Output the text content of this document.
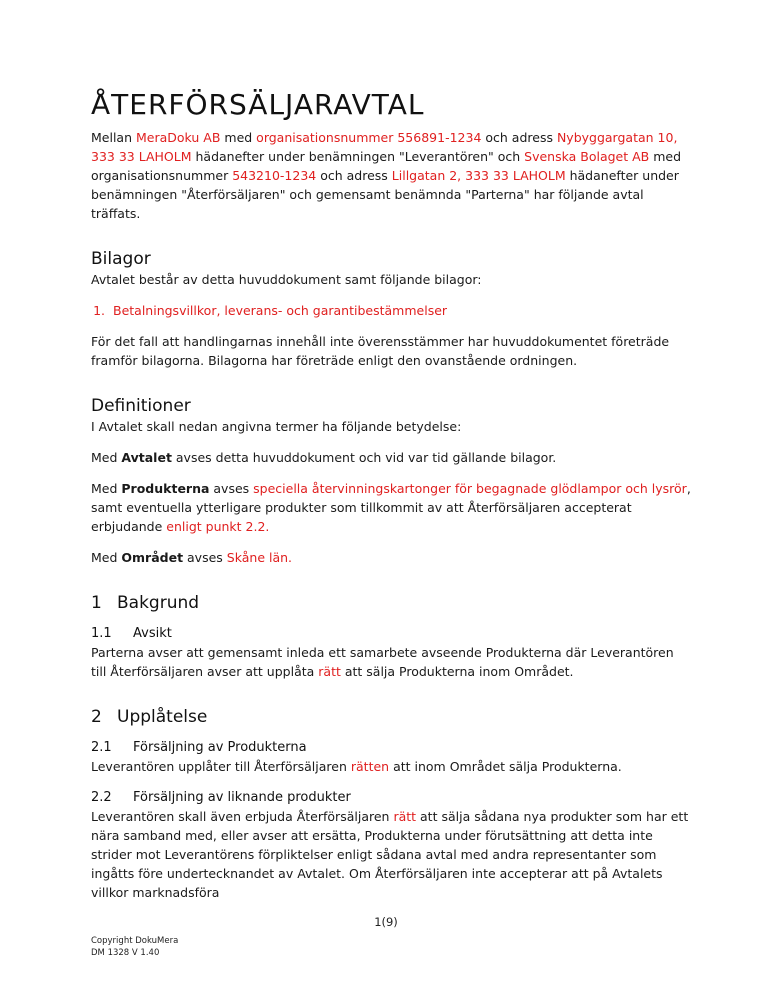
ÅTERFÖRSÄLJARAVTAL

Mellan MeraDoku AB med organisationsnummer 556891-1234 och adress Nybyggargatan 10, 333 33 LAHOLM hädanefter under benämningen "Leverantören" och Svenska Bolaget AB med organisationsnummer 543210-1234 och adress Lillgatan 2, 333 33 LAHOLM hädanefter under benämningen "Återförsäljaren" och gemensamt benämnda "Parterna" har följande avtal träffats.

Bilagor

Avtalet består av detta huvuddokument samt följande bilagor:

1. Betalningsvillkor, leverans- och garantibestämmelser

För det fall att handlingarnas innehåll inte överensstämmer har huvuddokumentet företräde framför bilagorna. Bilagorna har företräde enligt den ovanstående ordningen.

Definitioner

I Avtalet skall nedan angivna termer ha följande betydelse:

Med Avtalet avses detta huvuddokument och vid var tid gällande bilagor.

Med Produkterna avses speciella återvinningskartonger för begagnade glödlampor och lysrör, samt eventuella ytterligare produkter som tillkommit av att Återförsäljaren accepterat erbjudande enligt punkt 2.2.

Med Området avses Skåne län.

1 Bakgrund
1.1 Avsikt

Parterna avser att gemensamt inleda ett samarbete avseende Produkterna där Leverantören till Återförsäljaren avser att upplåta rätt att sälja Produkterna inom Området.

2 Upplåtelse
2.1 Försäljning av Produkterna

Leverantören upplåter till Återförsäljaren rätten att inom Området sälja Produkterna.

2.2 Försäljning av liknande produkter

Leverantören skall även erbjuda Återförsäljaren rätt att sälja sådana nya produkter som har ett nära samband med, eller avser att ersätta, Produkterna under förutsättning att detta inte strider mot Leverantörens förpliktelser enligt sådana avtal med andra representanter som ingåtts före undertecknandet av Avtalet. Om Återförsäljaren inte accepterar att på Avtalets villkor marknadsföra

1(9)
Copyright DokuMera
DM 1328 V 1.40
